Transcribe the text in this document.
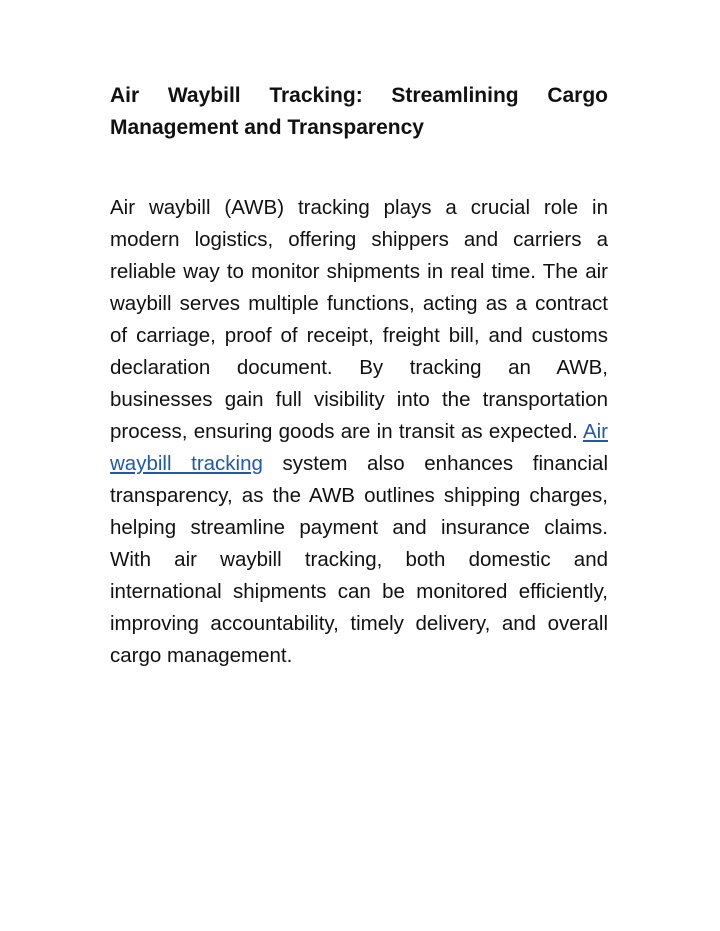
Air Waybill Tracking: Streamlining Cargo Management and Transparency

Air waybill (AWB) tracking plays a crucial role in modern logistics, offering shippers and carriers a reliable way to monitor shipments in real time. The air waybill serves multiple functions, acting as a contract of carriage, proof of receipt, freight bill, and customs declaration document. By tracking an AWB, businesses gain full visibility into the transportation process, ensuring goods are in transit as expected. Air waybill tracking system also enhances financial transparency, as the AWB outlines shipping charges, helping streamline payment and insurance claims. With air waybill tracking, both domestic and international shipments can be monitored efficiently, improving accountability, timely delivery, and overall cargo management.
